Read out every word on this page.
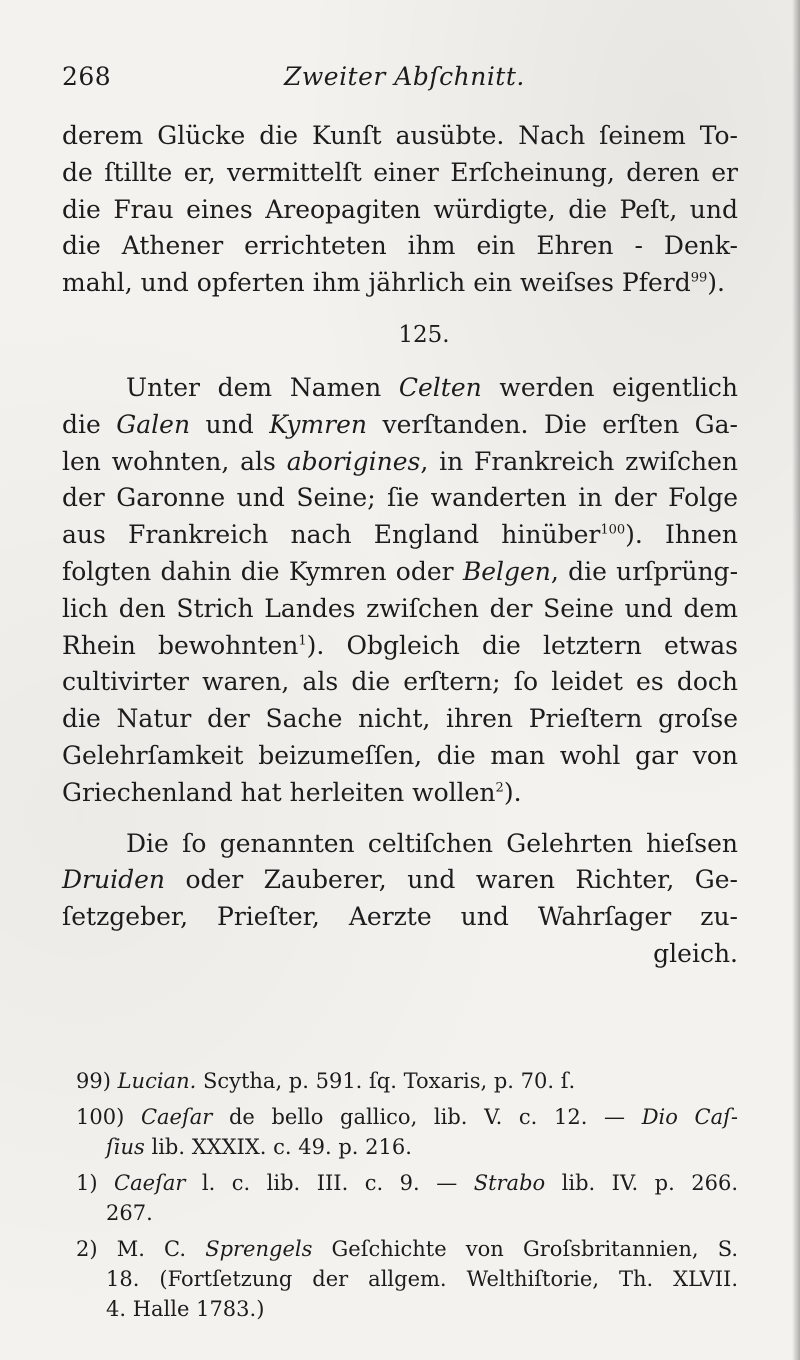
268	Zweiter Abſchnitt.
derem Glücke die Kunſt ausübte. Nach ſeinem To-
de ſtillte er, vermittelſt einer Erſcheinung, deren er
die Frau eines Areopagiten würdigte, die Peſt, und
die Athener errichteten ihm ein Ehren - Denk-
mahl, und opferten ihm jährlich ein weiſses Pferd$^{99}$).
125.
Unter dem Namen Celten werden eigentlich
die Galen und Kymren verſtanden. Die erſten Ga-
len wohnten, als aborigines, in Frankreich zwiſchen
der Garonne und Seine; ſie wanderten in der Folge
aus Frankreich nach England hinüber$^{100}$). Ihnen
folgten dahin die Kymren oder Belgen, die urſprüng-
lich den Strich Landes zwiſchen der Seine und dem
Rhein bewohnten$^1$). Obgleich die letztern etwas
cultivirter waren, als die erſtern; ſo leidet es doch
die Natur der Sache nicht, ihren Prieſtern groſse
Gelehrſamkeit beizumeſſen, die man wohl gar von
Griechenland hat herleiten wollen$^2$).
Die ſo genannten celtiſchen Gelehrten hieſsen
Druiden oder Zauberer, und waren Richter, Ge-
ſetzgeber, Prieſter, Aerzte und Wahrſager zu-
gleich.
99) Lucian. Scytha, p. 591. ſq. Toxaris, p. 70. ſ.
100) Caeſar de bello gallico, lib. V. c. 12. — Dio Caſ-
ſius lib. XXXIX. c. 49. p. 216.
1) Caeſar l. c. lib. III. c. 9. — Strabo lib. IV. p. 266.
267.
2) M. C. Sprengels Geſchichte von Groſsbritannien, S.
18. (Fortſetzung der allgem. Welthiſtorie, Th. XLVII.
4. Halle 1783.)
